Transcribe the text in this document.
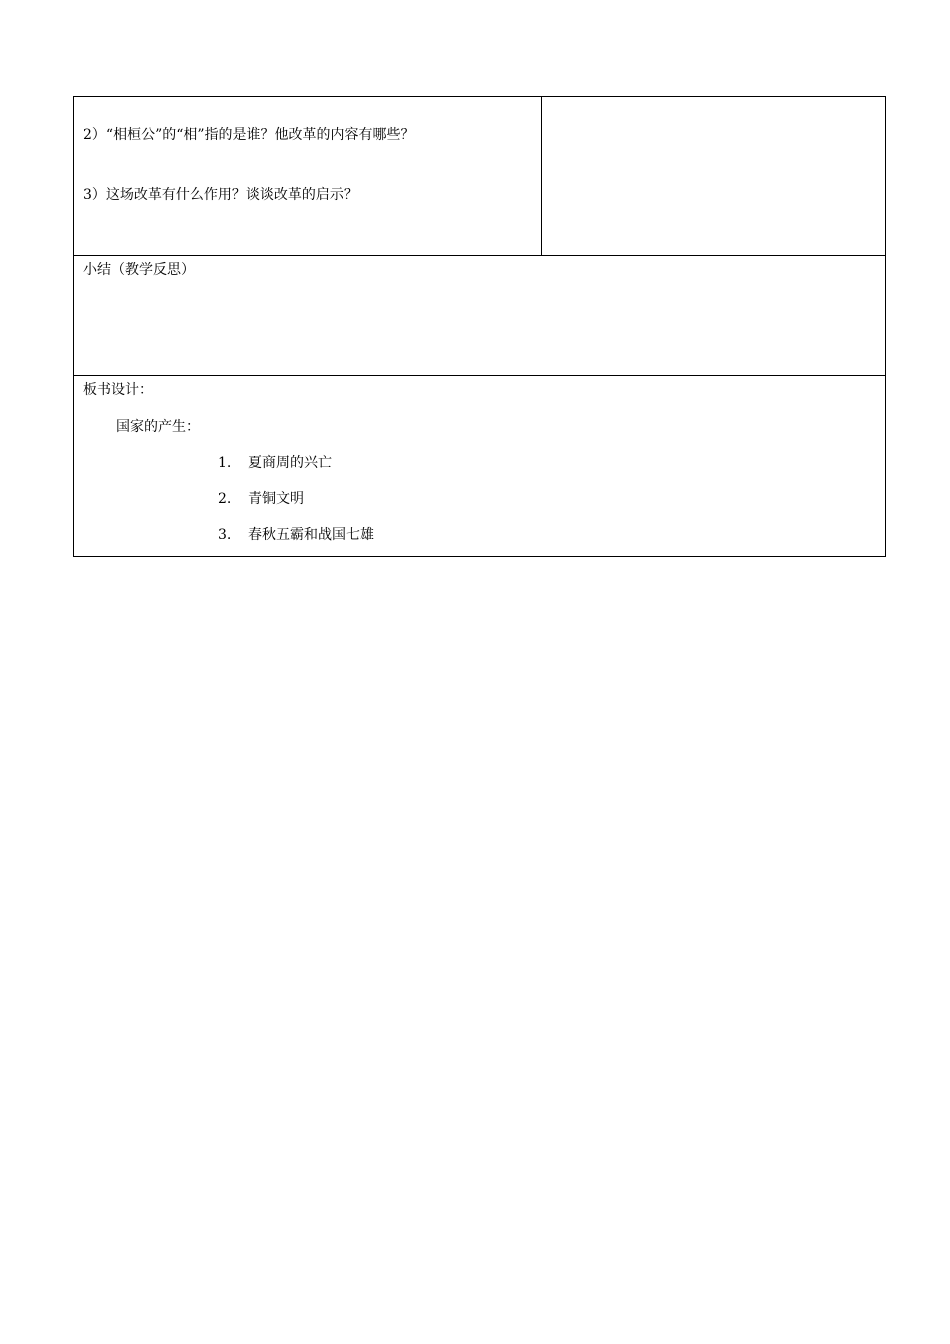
2）“相桓公”的“相”指的是谁？他改革的内容有哪些？
3）这场改革有什么作用？谈谈改革的启示？

小结（教学反思）

板书设计：
国家的产生：
1. 夏商周的兴亡
2. 青铜文明
3. 春秋五霸和战国七雄
